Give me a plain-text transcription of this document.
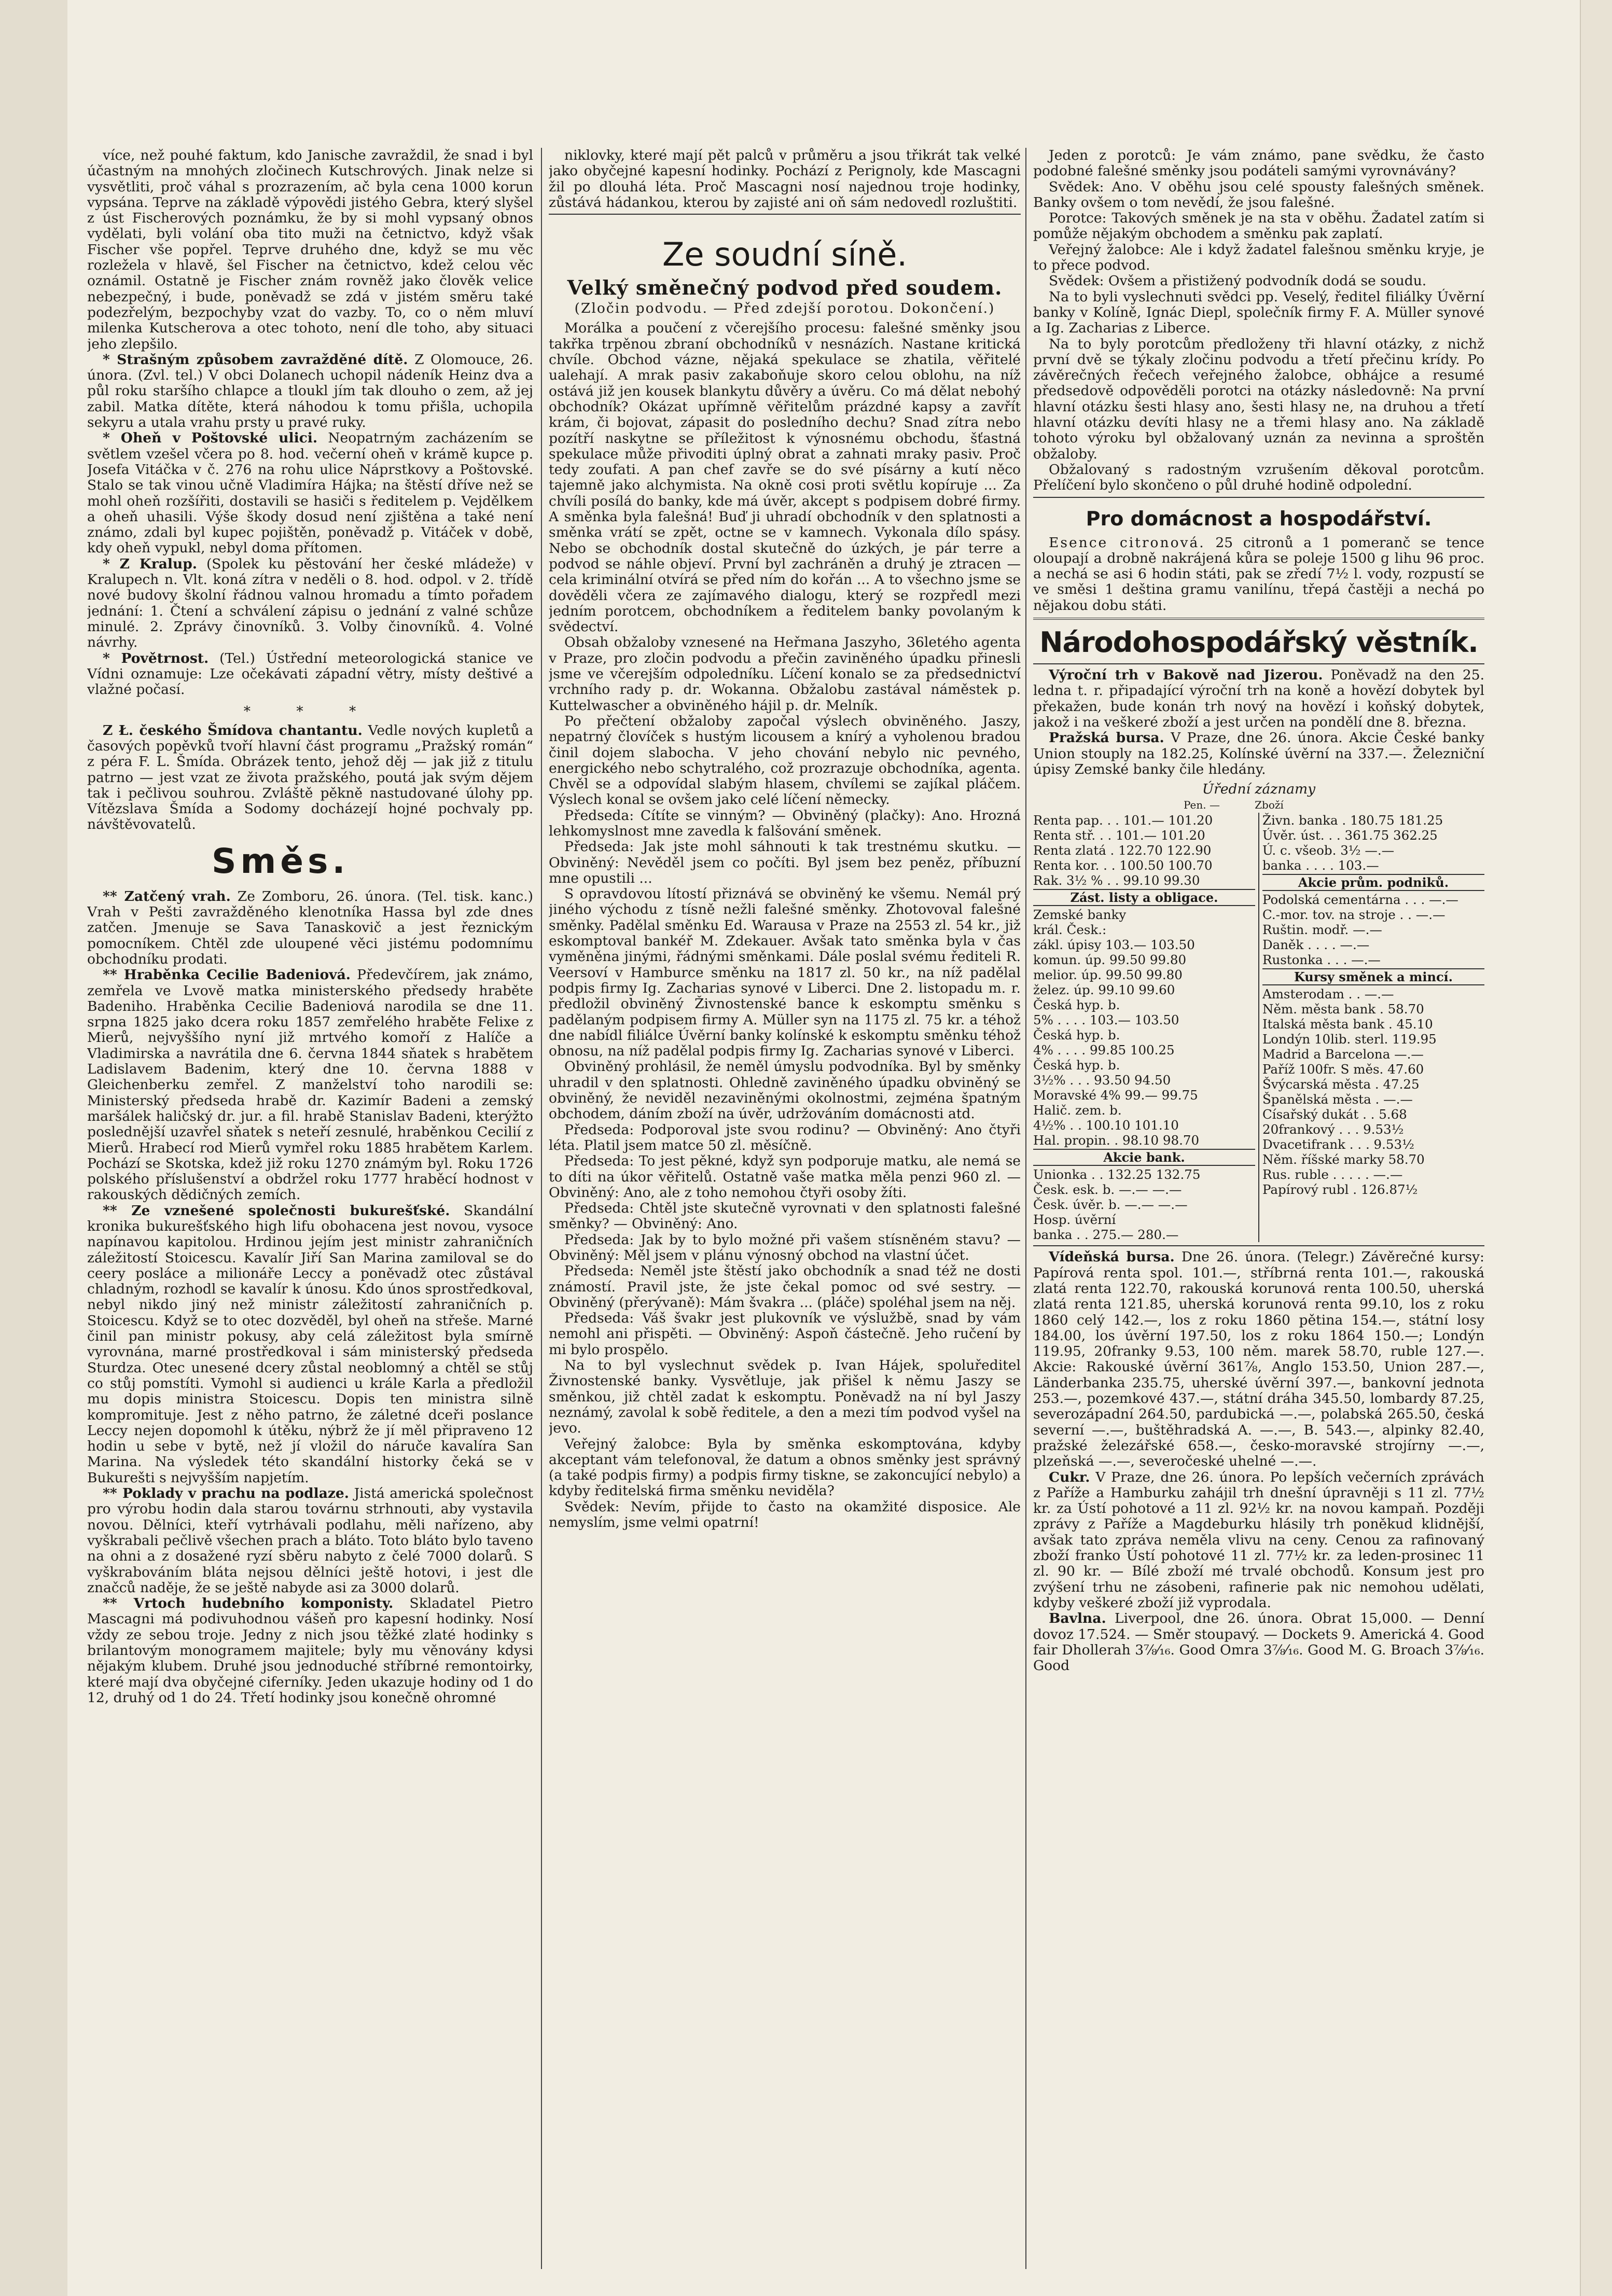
více, než pouhé faktum, kdo Janische zavraždil, že snad i byl účastným na mnohých zločinech Kutschrových. Jinak nelze si vysvětliti, proč váhal s prozrazením, ač byla cena 1000 korun vypsána. Teprve na základě výpovědi jistého Gebra, který slyšel z úst Fischerových poznámku, že by si mohl vypsaný obnos vydělati, byli volání oba tito muži na četnictvo, když však Fischer vše popřel. Teprve druhého dne, když se mu věc rozleželа v hlavě, šel Fischer na četnictvo, kdež celou věc oznámil. Ostatně je Fischer znám rovněž jako člověk velice nebezpečný, i bude, poněvadž se zdá v jistém směru také podezřelým, bezpochyby vzat do vazby. To, co o něm mluví milenka Kutscherova a otec tohoto, není dle toho, aby situaci jeho zlepšilo.

* Strašným způsobem zavražděné dítě. Z Olomouce, 26. února. (Zvl. tel.) V obci Dolanech uchopil nádeník Heinz dva a půl roku staršího chlapce a tloukl jím tak dlouho o zem, až jej zabil. Matka dítěte, která náhodou k tomu přišla, uchopila sekyru a utala vrahu prsty u pravé ruky.

* Oheň v Poštovské ulici. Neopatrným zacházením se světlem vzešel včera po 8. hod. večerní oheň v krámě kupce p. Josefa Vitáčka v č. 276 na rohu ulice Náprstkovy a Poštovské. Stalo se tak vinou učně Vladimíra Hájka; na štěstí dříve než se mohl oheň rozšířiti, dostavili se hasiči s ředitelem p. Vejdělkem a oheň uhasili. Výše škody dosud není zjištěna a také není známo, zdali byl kupec pojištěn, poněvadž p. Vitáček v době, kdy oheň vypukl, nebyl doma přítomen.

* Z Kralup. (Spolek ku pěstování her české mládeže) v Kralupech n. Vlt. koná zítra v neděli o 8. hod. odpol. v 2. třídě nové budovy školní řádnou valnou hromadu a tímto pořadem jednání: 1. Čtení a schválení zápisu o jednání z valné schůze minulé. 2. Zprávy činovníků. 3. Volby činovníků. 4. Volné návrhy.

* Povětrnost. (Tel.) Ústřední meteorologická stanice ve Vídni oznamuje: Lze očekávati západní větry, místy deštivé a vlažné počasí.

* * *

Z Ł. českého Šmídova chantantu. Vedle nových kupletů a časových popěvků tvoří hlavní část programu „Pražský román“ z péra F. L. Šmída. Obrázek tento, jehož děj — jak již z titulu patrno — jest vzat ze života pražského, poutá jak svým dějem tak i pečlivou souhrou. Zvláště pěkně nastudované úlohy pp. Vítězslava Šmída a Sodomy docházejí hojné pochvaly pp. návštěvovatelů.

Směs.

** Zatčený vrah. Ze Zomboru, 26. února. (Tel. tisk. kanc.) Vrah v Pešti zavražděného klenotníka Hassa byl zde dnes zatčen. Jmenuje se Sava Tanaskovič a jest řeznickým pomocníkem. Chtěl zde uloupené věci jistému podomnímu obchodníku prodati.

** Hraběnka Cecilie Badeniová. Předevčírem, jak známo, zemřela ve Lvově matka ministerského předsedy hraběte Badeniho. Hraběnka Cecilie Badeniová narodila se dne 11. srpna 1825 jako dcera roku 1857 zemřelého hraběte Felixe z Mierů, nejvyššího nyní již mrtvého komoří z Halíče a Vladimirska a navrátila dne 6. června 1844 sňatek s hrabětem Ladislavem Badenim, který dne 10. června 1888 v Gleichenberku zemřel. Z manželství toho narodili se: Ministerský předseda hrabě dr. Kazimír Badeni a zemský maršálek haličský dr. jur. a fil. hrabě Stanislav Badeni, kterýžto poslednější uzavřel sňatek s neteří zesnulé, hraběnkou Cecilií z Mierů. Hrabecí rod Mierů vymřel roku 1885 hrabětem Karlem. Pochází se Skotska, kdež již roku 1270 známým byl. Roku 1726 polského příslušenství a obdržel roku 1777 hraběcí hodnost v rakouských dědičných zemích.

** Ze vznešené společnosti bukurešťské. Skandální kronika bukurešťského high lifu obohacena jest novou, vysoce napínavou kapitolou. Hrdinou jejím jest ministr zahraničních záležitostí Stoicescu. Kavalír Jiří San Marina zamiloval se do ceery posláce a milionáře Leccy a poněvadž otec zůstával chladným, rozhodl se kavalír k únosu. Kdo únos sprostředkoval, nebyl nikdo jiný než ministr záležitostí zahraničních p. Stoicescu. Když se to otec dozvěděl, byl oheň na střeše. Marné činil pan ministr pokusy, aby celá záležitost byla smírně vyrovnána, marné prostředkoval i sám ministerský předseda Sturdza. Otec unesené dcery zůstal neoblomný a chtěl se stůj co stůj pomstíti. Vymohl si audienci u krále Karla a předložil mu dopis ministra Stoicescu. Dopis ten ministra silně kompromituje. Jest z něho patrno, že záletné dceři poslance Leccy nejen dopomohl k útěku, nýbrž že jí měl připraveno 12 hodin u sebe v bytě, než jí vložil do náruče kavalíra San Marina. Na výsledek této skandální historky čeká se v Bukurešti s nejvyšším napjetím.

** Poklady v prachu na podlaze. Jistá americká společnost pro výrobu hodin dala starou továrnu strhnouti, aby vystavila novou. Dělníci, kteří vytrhávali podlahu, měli nařízeno, aby vyškrabali pečlivě všechen prach a bláto. Toto bláto bylo taveno na ohni a z dosažené ryzí sběru nabyto z čelé 7000 dolarů. S vyškrabováním bláta nejsou dělníci ještě hotovi, i jest dle značců naděje, že se ještě nabyde asi za 3000 dolarů.

** Vrtoch hudebního komponisty. Skladatel Pietro Mascagni má podivuhodnou vášeň pro kapesní hodinky. Nosí vždy ze sebou troje. Jedny z nich jsou těžké zlaté hodinky s brilantovým monogramem majitele; byly mu věnovány kdysi nějakým klubem. Druhé jsou jednoduché stříbrné remontoirky, které mají dva obyčejné ciferníky. Jeden ukazuje hodiny od 1 do 12, druhý od 1 do 24. Třetí hodinky jsou konečně ohromné

niklovky, které mají pět palců v průměru a jsou třikrát tak velké jako obyčejné kapesní hodinky. Pochází z Perignoly, kde Mascagni žil po dlouhá léta. Proč Mascagni nosí najednou troje hodinky, zůstává hádankou, kterou by zajisté ani oň sám nedovedl rozluštiti.

Ze soudní síně.
Velký směnečný podvod před soudem.
(Zločin podvodu. — Před zdejší porotou. Dokončení.)

Morálka a poučení z včerejšího procesu: falešné směnky jsou takřka trpěnou zbraní obchodníků v nesnázích. Nastane kritická chvíle. Obchod vázne, nějaká spekulace se zhatila, věřitelé ualehají. A mrak pasiv zakaboňuje skoro celou oblohu, na níž ostává již jen kousek blankytu důvěry a úvěru. Co má dělat nebohý obchodník? Okázat upřímně věřitelům prázdné kapsy a zavřít krám, či bojovat, zápasit do posledního dechu? Snad zítra nebo pozítří naskytne se příležitost k výnosnému obchodu, šťastná spekulace může přivoditi úplný obrat a zahnati mraky pasiv. Proč tedy zoufati. A pan chef zavře se do své písárny a kutí něco tajemně jako alchymista. Na okně cosi proti světlu kopíruje ... Za chvíli posílá do banky, kde má úvěr, akcept s podpisem dobré firmy. A směnka byla falešná! Buď ji uhradí obchodník v den splatnosti a směnka vrátí se zpět, octne se v kamnech. Vykonala dílo spásy. Nebo se obchodník dostal skutečně do úzkých, je pár terre a podvod se náhle objeví. První byl zachráněn a druhý je ztracen — cela kriminální otvírá se před ním do kořán ... A to všechno jsme se dověděli včera ze zajímavého dialogu, který se rozpředl mezi jedním porotcem, obchodníkem a ředitelem banky povolaným k svědectví.

Obsah obžaloby vznesené na Heřmana Jaszyho, 36letého agenta v Praze, pro zločin podvodu a přečin zaviněného úpadku přinesli jsme ve včerejším odpoledníku. Líčení konalo se za předsednictví vrchního rady p. dr. Wokanna. Obžalobu zastával náměstek p. Kuttelwascher a obviněného hájil p. dr. Melník.

Po přečtení obžaloby započal výslech obviněného. Jaszy, nepatrný človíček s hustým licousem a knírý a vyholenou bradou činil dojem slabocha. V jeho chování nebylo nic pevného, energického nebo schytralého, což prozrazuje obchodníka, agenta. Chvěl se a odpovídal slabým hlasem, chvílemi se zajíkal pláčem. Výslech konal se ovšem jako celé líčení německy.

Předseda: Cítíte se vinným? — Obviněný (plačky): Ano. Hrozná lehkomyslnost mne zavedla k falšování směnek.

Předseda: Jak jste mohl sáhnouti k tak trestnému skutku. — Obviněný: Nevěděl jsem co počíti. Byl jsem bez peněz, příbuzní mne opustili ...

S opravdovou lítostí přiznává se obviněný ke všemu. Nemál prý jiného východu z tísně nežli falešné směnky. Zhotovoval falešné směnky. Padělal směnku Ed. Warausa v Praze na 2553 zl. 54 kr., již eskomptoval bankéř M. Zdekauer. Avšak tato směnka byla v čas vyměněna jinými, řádnými směnkami. Dále poslal svému řediteli R. Veersoví v Hamburce směnku na 1817 zl. 50 kr., na níž padělal podpis firmy Ig. Zacharias synové v Liberci. Dne 2. listopadu m. r. předložil obviněný Živnostenské bance k eskomptu směnku s padělaným podpisem firmy A. Müller syn na 1175 zl. 75 kr. a téhož dne nabídl filiálce Úvěrní banky kolínské k eskomptu směnku téhož obnosu, na níž padělal podpis firmy Ig. Zacharias synové v Liberci.

Obviněný prohlásil, že neměl úmyslu podvodníka. Byl by směnky uhradil v den splatnosti. Ohledně zaviněného úpadku obviněný se obviněný, že neviděl nezaviněnými okolnostmi, zejména špatným obchodem, dáním zboží na úvěr, udržováním domácnosti atd.

Předseda: Podporoval jste svou rodinu? — Obviněný: Ano čtyři léta. Platil jsem matce 50 zl. měsíčně.

Předseda: To jest pěkné, když syn podporuje matku, ale nemá se to díti na úkor věřitelů. Ostatně vaše matka měla penzi 960 zl. — Obviněný: Ano, ale z toho nemohou čtyři osoby žíti.

Předseda: Chtěl jste skutečně vyrovnati v den splatnosti falešné směnky? — Obviněný: Ano.

Předseda: Jak by to bylo možné při vašem stísněném stavu? — Obviněný: Měl jsem v plánu výnosný obchod na vlastní účet.

Předseda: Neměl jste štěstí jako obchodník a snad též ne dosti známostí. Pravil jste, že jste čekal pomoc od své sestry. — Obviněný (přerývaně): Mám švakra ... (pláče) spoléhal jsem na něj.

Předseda: Váš švakr jest plukovník ve výslužbě, snad by vám nemohl ani přispěti. — Obviněný: Aspoň částečně. Jeho ručení by mi bylo prospělo.

Na to byl vyslechnut svědek p. Ivan Hájek, spoluředitel Živnostenské banky. Vysvětluje, jak přišel k němu Jaszy se směnkou, již chtěl zadat k eskomptu. Poněvadž na ní byl Jaszy neznámý, zavolal k sobě ředitele, a den a mezi tím podvod vyšel na jevo.

Veřejný žalobce: Byla by směnka eskomptována, kdyby akceptant vám telefonoval, že datum a obnos směnky jest správný (a také podpis firmy) a podpis firmy tiskne, se zakoncující nebylo) a kdyby ředitelská firma směnku neviděla?

Svědek: Nevím, přijde to často na okamžité disposice. Ale nemyslím, jsme velmi opatrní!

Jeden z porotců: Je vám známo, pane svědku, že často podobné falešné směnky jsou podáteli samými vyrovnávány?

Svědek: Ano. V oběhu jsou celé spousty falešných směnek. Banky ovšem o tom nevědí, že jsou falešné.

Porotce: Takových směnek je na sta v oběhu. Žadatel zatím si pomůže nějakým obchodem a směnku pak zaplatí.

Veřejný žalobce: Ale i když žadatel falešnou směnku kryje, je to přece podvod.

Svědek: Ovšem a přistižený podvodník dodá se soudu.

Na to byli vyslechnuti svědci pp. Veselý, ředitel filiálky Úvěrní banky v Kolíně, Ignác Diepl, společník firmy F. A. Müller synové a Ig. Zacharias z Liberce.

Na to byly porotcům předloženy tři hlavní otázky, z nichž první dvě se týkaly zločinu podvodu a třetí přečinu krídy. Po závěrečných řečech veřejného žalobce, obhájce a resumé předsedově odpověděli porotci na otázky následovně: Na první hlavní otázku šesti hlasy ano, šesti hlasy ne, na druhou a třetí hlavní otázku devíti hlasy ne a třemi hlasy ano. Na základě tohoto výroku byl obžalovaný uznán za nevinna a sproštěn obžaloby.

Obžalovaný s radostným vzrušením děkoval porotcům. Přelíčení bylo skončeno o půl druhé hodině odpolední.

Pro domácnost a hospodářství.

Esence citronová. 25 citronů a 1 pomeranč se tence oloupají a drobně nakrájená kůra se poleje 1500 g lihu 96 proc. a nechá se asi 6 hodin státi, pak se zředí 7½ l. vody, rozpustí se ve směsi 1 deština gramu vanilínu, třepá častěji a nechá po nějakou dobu státi.

Národohospodářský věstník.

Výroční trh v Bakově nad Jizerou. Poněvadž na den 25. ledna t. r. připadající výroční trh na koně a hovězí dobytek byl překažen, bude konán trh nový na hovězí i koňský dobytek, jakož i na veškeré zboží a jest určen na pondělí dne 8. března.

Pražská bursa. V Praze, dne 26. února. Akcie České banky Union stouply na 182.25, Kolínské úvěrní na 337.—. Železniční úpisy Zemské banky čile hledány.

Úřední záznamy
Pen. —	Zboží
Renta pap. . . 101.— 101.20
Renta stř. . . 101.— 101.20
Renta zlatá . 122.70 122.90
Renta kor. . . 100.50 100.70
Rak. 3½ % . . 99.10 99.30
Zást. listy a obligace.
Zemské banky
král. Česk.:
zákl. úpisy 103.— 103.50
komun. úp. 99.50 99.80
melior. úp. 99.50 99.80
želez. úp. 99.10 99.60
Česká hyp. b.
5% . . . . 103.— 103.50
Česká hyp. b.
4% . . . . 99.85 100.25
Česká hyp. b.
3½% . . . 93.50 94.50
Moravské 4% 99.— 99.75
Halič. zem. b.
4½% . . 100.10 101.10
Hal. propin. . 98.10 98.70
Akcie bank.
Unionka . . 132.25 132.75
Česk. esk. b. —.— —.—
Česk. úvěr. b. —.— —.—
Hosp. úvěrní
banka . . 275.— 280.—
Živn. banka . 180.75 181.25
Úvěr. úst. . . 361.75 362.25
Ú. c. všeob. 3½ —.—
banka . . . . 103.—
Akcie prům. podniků.
Podolská cementárna . . . —.—
C.-mor. tov. na stroje . . —.—
Ruštin. modř. —.—
Daněk . . . . —.—
Rustonka . . . —.—
Kursy směnek a mincí.
Amsterodam . . —.—
Něm. města bank . 58.70
Italská města bank . 45.10
Londýn 10lib. sterl. 119.95
Madrid a Barcelona —.—
Paříž 100fr. S měs. 47.60
Švýcarská města . 47.25
Španělská města . —.—
Císařský dukát . . 5.68
20frankový . . . 9.53½
Dvacetifrank . . . 9.53½
Něm. říšské marky 58.70
Rus. ruble . . . . . —.—
Papírový rubl . 126.87½

Vídeňská bursa. Dne 26. února. (Telegr.) Závěrečné kursy: Papírová renta spol. 101.—, stříbrná renta 101.—, rakouská zlatá renta 122.70, rakouská korunová renta 100.50, uherská zlatá renta 121.85, uherská korunová renta 99.10, los z roku 1860 celý 142.—, los z roku 1860 pětina 154.—, státní losy 184.00, los úvěrní 197.50, los z roku 1864 150.—; Londýn 119.95, 20franky 9.53, 100 něm. marek 58.70, ruble 127.—. Akcie: Rakouské úvěrní 361⅞, Anglo 153.50, Union 287.—, Länderbanka 235.75, uherské úvěrní 397.—, bankovní jednota 253.—, pozemkové 437.—, státní dráha 345.50, lombardy 87.25, severozápadní 264.50, pardubická —.—, polabská 265.50, česká severní —.—, buštěhradská A. —.—, B. 543.—, alpinky 82.40, pražské železářské 658.—, česko-moravské strojírny —.—, plzeňská —.—, severočeské uhelné —.—.

Cukr. V Praze, dne 26. února. Po lepších večerních zprávách z Paříže a Hamburku zahájil trh dnešní úpravněji s 11 zl. 77½ kr. za Ústí pohotové a 11 zl. 92½ kr. na novou kampaň. Později zprávy z Paříže a Magdeburku hlásily trh poněkud klidnější, avšak tato zpráva neměla vlivu na ceny. Cenou za rafinovaný zboží franko Ústí pohotové 11 zl. 77½ kr. za leden-prosinec 11 zl. 90 kr. — Bílé zboží mé trvalé obchodů. Konsum jest pro zvýšení trhu ne zásobeni, rafinerie pak nic nemohou udělati, kdyby veškeré zboží již vyprodala.

Bavlna. Liverpool, dne 26. února. Obrat 15,000. — Denní dovoz 17.524. — Směr stoupavý. — Dockets 9. Americká 4. Good fair Dhollerah 3⅞⁄₁₆. Good Omra 3⅞⁄₁₆. Good M. G. Broach 3⅞⁄₁₆. Good
